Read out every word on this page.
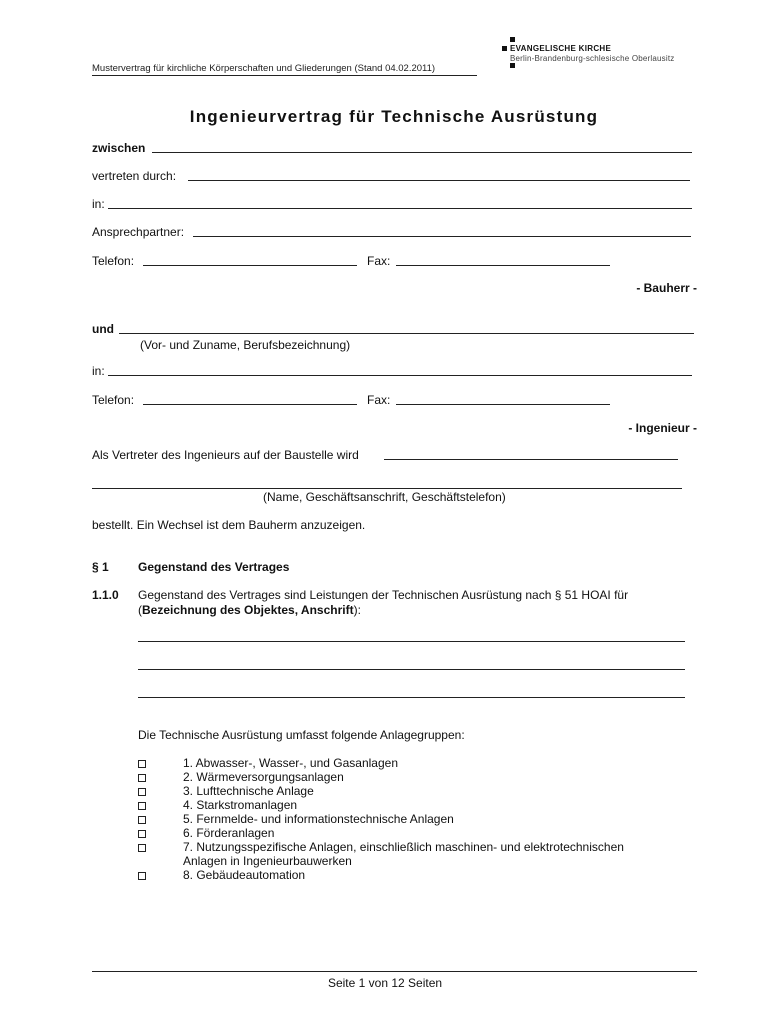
Mustervertrag für kirchliche Körperschaften und Gliederungen (Stand 04.02.2011)
EVANGELISCHE KIRCHE
Berlin-Brandenburg-schlesische Oberlausitz
Ingenieurvertrag für Technische Ausrüstung
zwischen
vertreten durch:
in:
Ansprechpartner:
Telefon:	Fax:
- Bauherr -
und
(Vor- und Zuname, Berufsbezeichnung)
in:
Telefon:	Fax:
- Ingenieur -
Als Vertreter des Ingenieurs auf der Baustelle wird
(Name, Geschäftsanschrift, Geschäftstelefon)
bestellt. Ein Wechsel ist dem Bauherm anzuzeigen.
§ 1 Gegenstand des Vertrages
1.1.0 Gegenstand des Vertrages sind Leistungen der Technischen Ausrüstung nach § 51 HOAI für
(Bezeichnung des Objektes, Anschrift):
Die Technische Ausrüstung umfasst folgende Anlagegruppen:
1. Abwasser-, Wasser-, und Gasanlagen
2. Wärmeversorgungsanlagen
3. Lufttechnische Anlage
4. Starkstromanlagen
5. Fernmelde- und informationstechnische Anlagen
6. Förderanlagen
7. Nutzungsspezifische Anlagen, einschließlich maschinen- und elektrotechnischen
Anlagen in Ingenieurbauwerken
8. Gebäudeautomation
Seite 1 von 12 Seiten
